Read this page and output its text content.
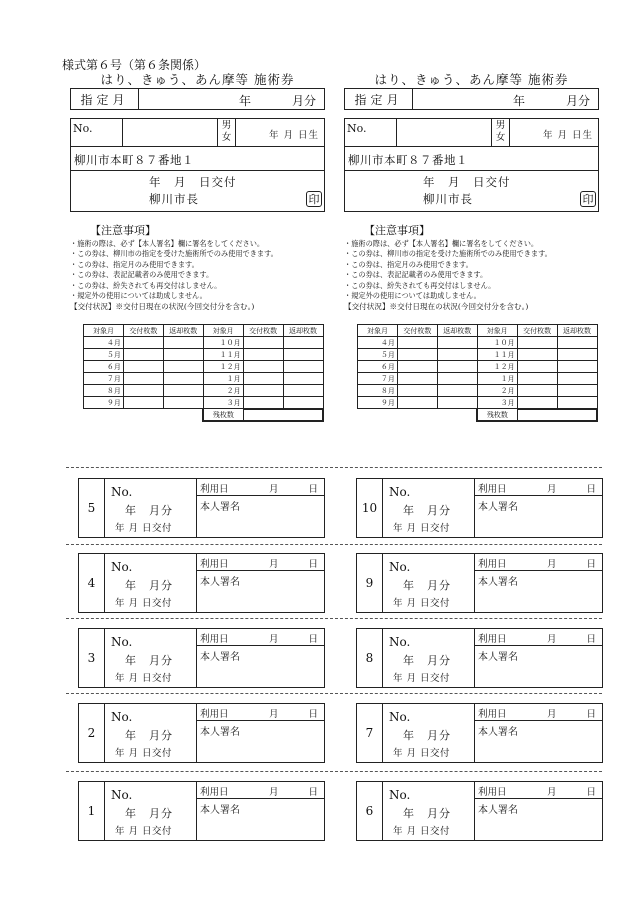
様式第６号（第６条関係）
はり、きゅう、あん摩等 施術券
指定月	年	月分
No.	男
女	年 月 日生
柳川市本町８７番地１
年　月　日交付
柳川市長	印
【注意事項】
・施術の際は、必ず【本人署名】欄に署名をしてください。
・この券は、柳川市の指定を受けた施術所でのみ使用できます。
・この券は、指定月のみ使用できます。
・この券は、表記記載者のみ使用できます。
・この券は、紛失されても再交付はしません。
・規定外の使用については助成しません。
【交付状況】※交付日現在の状況(今回交付分を含む。)
対象月	交付枚数	返却枚数	対象月	交付枚数	返却枚数
４月			１０月		
５月			１１月		
６月			１２月		
７月			１月		
８月			２月		
９月			３月		
			残枚数		
はり、きゅう、あん摩等 施術券
指定月	年	月分
No.	男
女	年 月 日生
柳川市本町８７番地１
年　月　日交付
柳川市長	印
【注意事項】
・施術の際は、必ず【本人署名】欄に署名をしてください。
・この券は、柳川市の指定を受けた施術所でのみ使用できます。
・この券は、指定月のみ使用できます。
・この券は、表記記載者のみ使用できます。
・この券は、紛失されても再交付はしません。
・規定外の使用については助成しません。
【交付状況】※交付日現在の状況(今回交付分を含む。)
対象月	交付枚数	返却枚数	対象月	交付枚数	返却枚数
４月			１０月		
５月			１１月		
６月			１２月		
７月			１月		
８月			２月		
９月			３月		
			残枚数		
5
No.
年　月分
年 月 日交付
利用日	月	日
本人署名
4
No.
年　月分
年 月 日交付
利用日	月	日
本人署名
3
No.
年　月分
年 月 日交付
利用日	月	日
本人署名
2
No.
年　月分
年 月 日交付
利用日	月	日
本人署名
1
No.
年　月分
年 月 日交付
利用日	月	日
本人署名
10
No.
年　月分
年 月 日交付
利用日	月	日
本人署名
9
No.
年　月分
年 月 日交付
利用日	月	日
本人署名
8
No.
年　月分
年 月 日交付
利用日	月	日
本人署名
7
No.
年　月分
年 月 日交付
利用日	月	日
本人署名
6
No.
年　月分
年 月 日交付
利用日	月	日
本人署名
